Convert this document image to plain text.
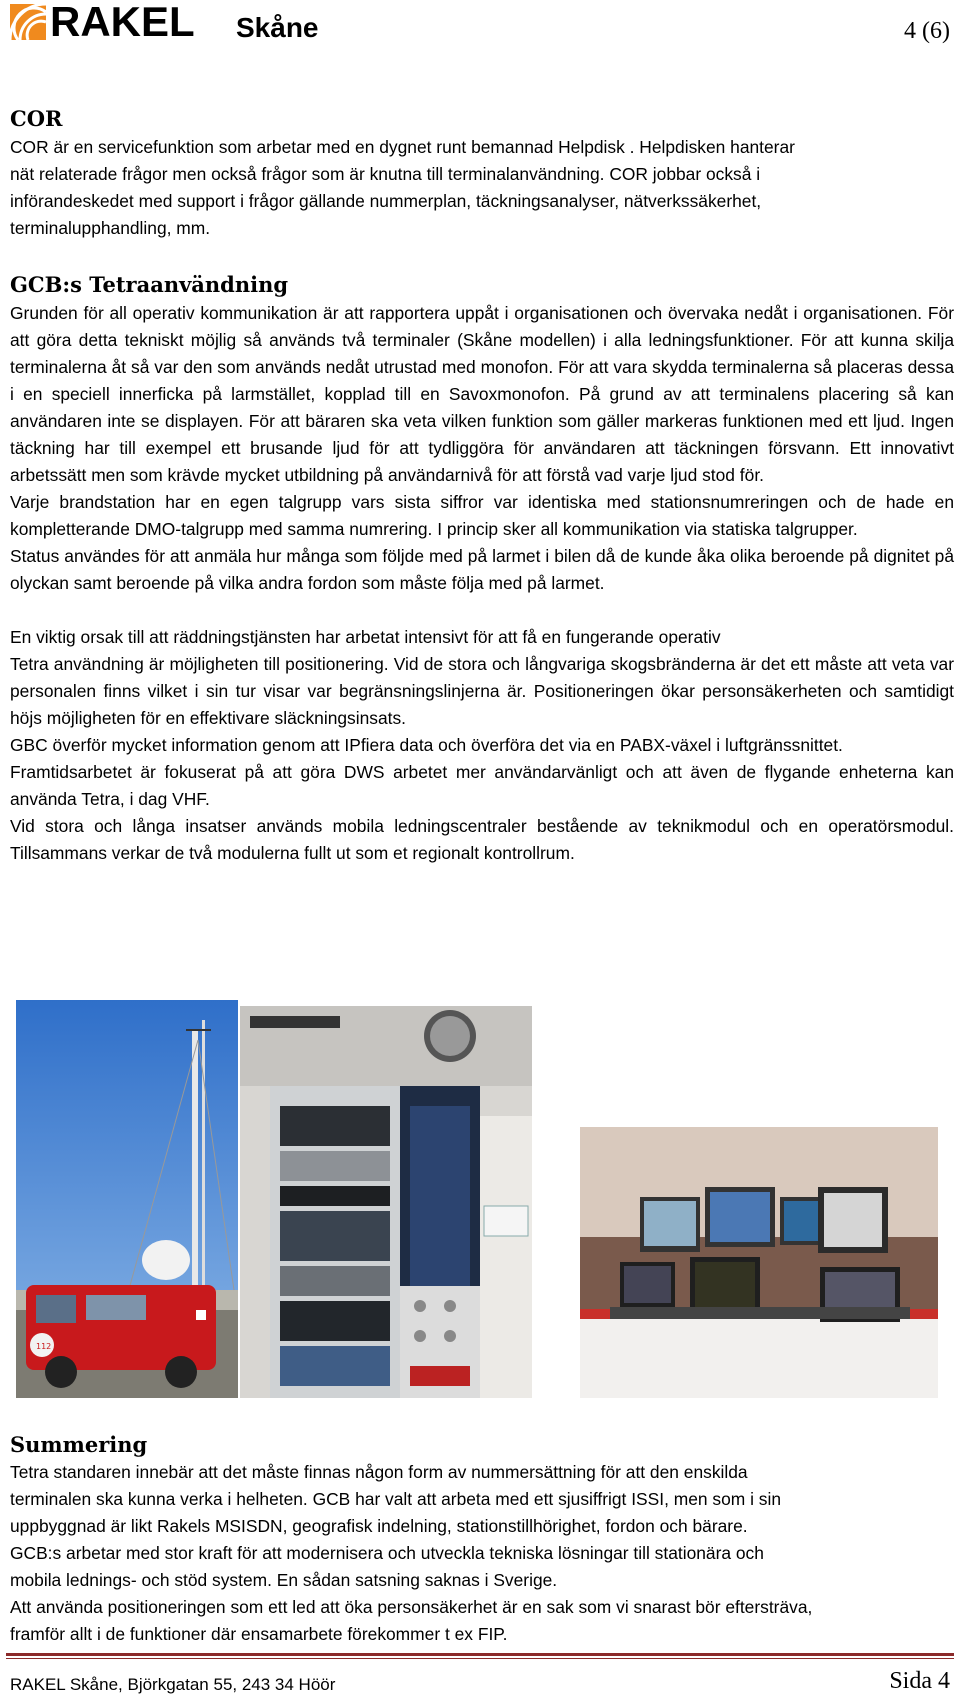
RAKEL Skåne	4 (6)
COR
COR är en servicefunktion som arbetar med en dygnet runt bemannad Helpdisk . Helpdisken hanterar
nät relaterade frågor men också frågor som är knutna till terminalanvändning. COR jobbar också i
införandeskedet med support i frågor gällande nummerplan, täckningsanalyser, nätverkssäkerhet,
terminalupphandling, mm.
GCB:s Tetraanvändning
Grunden för all operativ kommunikation är att rapportera uppåt i organisationen och övervaka nedåt i organisationen. För att göra detta tekniskt möjlig så används två terminaler (Skåne modellen) i alla ledningsfunktioner. För att kunna skilja terminalerna åt så var den som används nedåt utrustad med monofon. För att vara skydda terminalerna så placeras dessa i en speciell innerficka på larmstället, kopplad till en Savoxmonofon. På grund av att terminalens placering så kan användaren inte se displayen. För att bäraren ska veta vilken funktion som gäller markeras funktionen med ett ljud. Ingen täckning har till exempel ett brusande ljud för att tydliggöra för användaren att täckningen försvann. Ett innovativt arbetssätt men som krävde mycket utbildning på användarnivå för att förstå vad varje ljud stod för.
Varje brandstation har en egen talgrupp vars sista siffror var identiska med stationsnumreringen och de hade en kompletterande DMO-talgrupp med samma numrering. I princip sker all kommunikation via statiska talgrupper.
Status användes för att anmäla hur många som följde med på larmet i bilen då de kunde åka olika beroende på dignitet på olyckan samt beroende på vilka andra fordon som måste följa med på larmet.
En viktig orsak till att räddningstjänsten har arbetat intensivt för att få en fungerande operativ
Tetra användning är möjligheten till positionering. Vid de stora och långvariga skogsbränderna är det ett måste att veta var personalen finns vilket i sin tur visar var begränsningslinjerna är. Positioneringen ökar personsäkerheten och samtidigt höjs möjligheten för en effektivare släckningsinsats.
GBC överför mycket information genom att IPfiera data och överföra det via en PABX-växel i luftgränssnittet.
Framtidsarbetet är fokuserat på att göra DWS arbetet mer användarvänligt och att även de flygande enheterna kan använda Tetra, i dag VHF.
Vid stora och långa insatser används mobila ledningscentraler bestående av teknikmodul och en operatörsmodul. Tillsammans verkar de två modulerna fullt ut som et regionalt kontrollrum.
112
Summering
Tetra standaren innebär att det måste finnas någon form av nummersättning för att den enskilda
terminalen ska kunna verka i helheten. GCB har valt att arbeta med ett sjusiffrigt ISSI, men som i sin
uppbyggnad är likt Rakels MSISDN, geografisk indelning, stationstillhörighet, fordon och bärare.
GCB:s arbetar med stor kraft för att modernisera och utveckla tekniska lösningar till stationära och
mobila lednings- och stöd system. En sådan satsning saknas i Sverige.
Att använda positioneringen som ett led att öka personsäkerhet är en sak som vi snarast bör eftersträva,
framför allt i de funktioner där ensamarbete förekommer t ex FIP.
RAKEL Skåne, Björkgatan 55, 243 34 Höör	Sida 4
